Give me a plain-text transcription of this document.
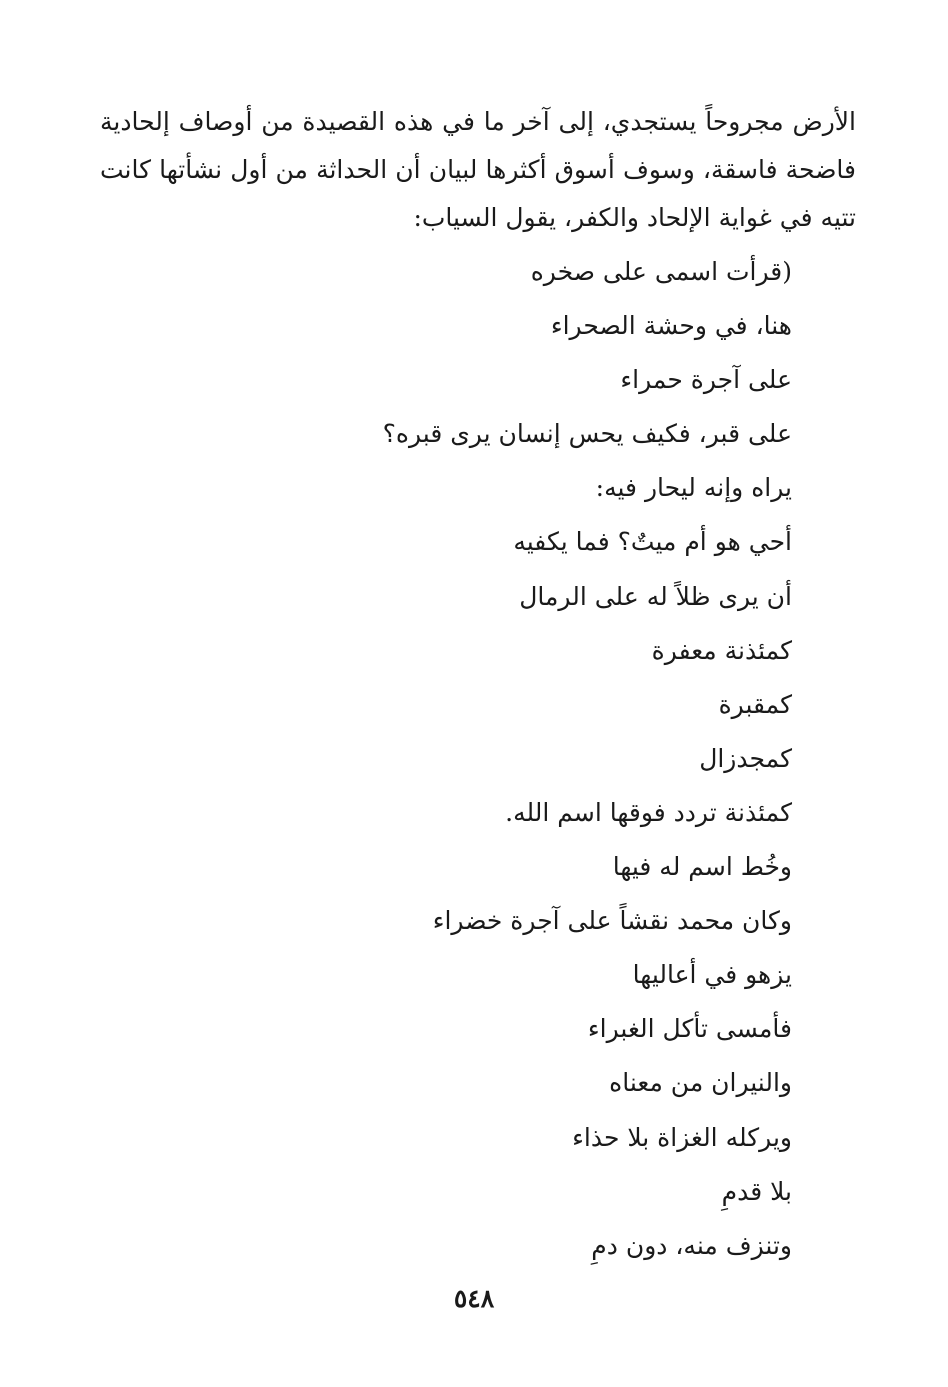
الأرض مجروحاً يستجدي، إلى آخر ما في هذه القصيدة من أوصاف إلحادية فاضحة فاسقة، وسوف أسوق أكثرها لبيان أن الحداثة من أول نشأتها كانت تتيه في غواية الإلحاد والكفر، يقول السياب:

(قرأت اسمى على صخره
هنا، في وحشة الصحراء
على آجرة حمراء
على قبر، فكيف يحس إنسان يرى قبره؟
يراه وإنه ليحار فيه:
أحي هو أم ميتٌ؟ فما يكفيه
أن يرى ظلاً له على الرمال
كمئذنة معفرة
كمقبرة
كمجدزال
كمئذنة تردد فوقها اسم الله.
وخُط اسم له فيها
وكان محمد نقشاً على آجرة خضراء
يزهو في أعاليها
فأمسى تأكل الغبراء
والنيران من معناه
ويركله الغزاة بلا حذاء
بلا قدمِ
وتنزف منه، دون دمِ
٥٤٨
